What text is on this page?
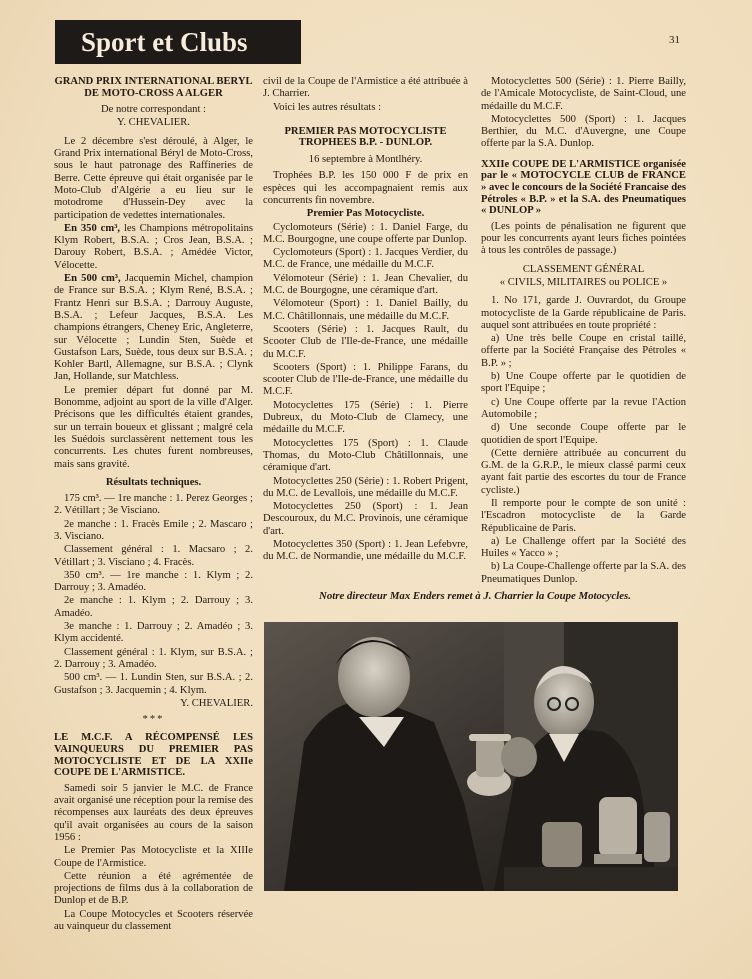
Sport et Clubs	31
GRAND PRIX INTERNATIONAL BERYL DE MOTO-CROSS A ALGER

De notre correspondant :

Y. CHEVALIER.

Le 2 décembre s'est déroulé, à Alger, le Grand Prix international Béryl de Moto-Cross, sous le haut patronage des Raffineries de Berre. Cette épreuve qui était organisée par le Moto-Club d'Algérie a eu lieu sur le motodrome d'Hussein-Dey avec la participation de vedettes internationales.

En 350 cm³, les Champions métropolitains Klym Robert, B.S.A. ; Cros Jean, B.S.A. ; Darouy Robert, B.S.A. ; Amédée Victor, Vélocette.

En 500 cm³, Jacquemin Michel, champion de France sur B.S.A. ; Klym René, B.S.A. ; Frantz Henri sur B.S.A. ; Darrouy Auguste, B.S.A. ; Lefeur Jacques, B.S.A. Les champions étrangers, Cheney Eric, Angleterre, sur Vélocette ; Lundin Sten, Suède et Gustafson Lars, Suède, tous deux sur B.S.A. ; Kohler Bartl, Allemagne, sur B.S.A. ; Clynk Jan, Hollande, sur Matchless.

Le premier départ fut donné par M. Bonomme, adjoint au sport de la ville d'Alger. Précisons que les difficultés étaient grandes, sur un terrain boueux et glissant ; malgré cela les Suédois surclassèrent nettement tous les concurrents. Les chutes furent nombreuses, mais sans gravité.

Résultats techniques.

175 cm³. — 1re manche : 1. Perez Georges ; 2. Vétillart ; 3e Visciano.

2e manche : 1. Fracès Emile ; 2. Mascaro ; 3. Visciano.

Classement général : 1. Macsaro ; 2. Vétillart ; 3. Visciano ; 4. Fracès.

350 cm³. — 1re manche : 1. Klym ; 2. Darrouy ; 3. Amadéo.

2e manche : 1. Klym ; 2. Darrouy ; 3. Amadéo.

3e manche : 1. Darrouy ; 2. Amadéo ; 3. Klym accidenté.

Classement général : 1. Klym, sur B.S.A. ; 2. Darrouy ; 3. Amadéo.

500 cm³. — 1. Lundin Sten, sur B.S.A. ; 2. Gustafson ; 3. Jacquemin ; 4. Klym.

Y. CHEVALIER.

***
LE M.C.F. A RÉCOMPENSÉ LES VAINQUEURS DU PREMIER PAS MOTOCYCLISTE ET DE LA XXIIe COUPE DE L'ARMISTICE.

Samedi soir 5 janvier le M.C. de France avait organisé une réception pour la remise des récompenses aux lauréats des deux épreuves qu'il avait organisées au cours de la saison 1956 :

Le Premier Pas Motocycliste et la XIIIe Coupe de l'Armistice.

Cette réunion a été agrémentée de projections de films dus à la collaboration de Dunlop et de B.P.

La Coupe Motocycles et Scooters réservée au vainqueur du classement

civil de la Coupe de l'Armistice a été attribuée à J. Charrier.

Voici les autres résultats :

PREMIER PAS MOTOCYCLISTE TROPHEES B.P. - DUNLOP.

16 septembre à Montlhéry.

Trophées B.P. les 150 000 F de prix en espèces qui les accompagnaient remis aux concurrents fin novembre.

Premier Pas Motocycliste.

Cyclomoteurs (Série) : 1. Daniel Farge, du M.C. Bourgogne, une coupe offerte par Dunlop.

Cyclomoteurs (Sport) : 1. Jacques Verdier, du M.C. de France, une médaille du M.C.F.

Vélomoteur (Série) : 1. Jean Chevalier, du M.C. de Bourgogne, une céramique d'art.

Vélomoteur (Sport) : 1. Daniel Bailly, du M.C. Châtillonnais, une médaille du M.C.F.

Scooters (Série) : 1. Jacques Rault, du Scooter Club de l'Ile-de-France, une médaille du M.C.F.

Scooters (Sport) : 1. Philippe Farans, du scooter Club de l'Ile-de-France, une médaille du M.C.F.

Motocyclettes 175 (Série) : 1. Pierre Dubreux, du Moto-Club de Clamecy, une médaille du M.C.F.

Motocyclettes 175 (Sport) : 1. Claude Thomas, du Moto-Club Châtillonnais, une céramique d'art.

Motocyclettes 250 (Série) : 1. Robert Prigent, du M.C. de Levallois, une médaille du M.C.F.

Motocyclettes 250 (Sport) : 1. Jean Descouroux, du M.C. Provinois, une céramique d'art.

Motocyclettes 350 (Sport) : 1. Jean Lefebvre, du M.C. de Normandie, une médaille du M.C.F.

Motocyclettes 500 (Série) : 1. Pierre Bailly, de l'Amicale Motocycliste, de Saint-Cloud, une médaille du M.C.F.

Motocyclettes 500 (Sport) : 1. Jacques Berthier, du M.C. d'Auvergne, une Coupe offerte par la S.A. Dunlop.

XXIIe COUPE DE L'ARMISTICE organisée par le « MOTOCYCLE CLUB de FRANCE » avec le concours de la Société Francaise des Pétroles « B.P. » et la S.A. des Pneumatiques « DUNLOP »

(Les points de pénalisation ne figurent que pour les concurrents ayant leurs fiches pointées à tous les contrôles de passage.)

CLASSEMENT GÉNÉRAL

« CIVILS, MILITAIRES ou POLICE »

1. No 171, garde J. Ouvrardot, du Groupe motocycliste de la Garde républicaine de Paris. auquel sont attribuées en toute propriété :

a) Une très belle Coupe en cristal taillé, offerte par la Société Française des Pétroles « B.P. » ;

b) Une Coupe offerte par le quotidien de sport l'Equipe ;

c) Une Coupe offerte par la revue l'Action Automobile ;

d) Une seconde Coupe offerte par le quotidien de sport l'Equipe.

(Cette dernière attribuée au concurrent du G.M. de la G.R.P., le mieux classé parmi ceux ayant fait partie des escortes du tour de France cycliste.)

Il remporte pour le compte de son unité : l'Escadron motocycliste de la Garde Républicaine de Paris.

a) Le Challenge offert par la Société des Huiles « Yacco » ;

b) La Coupe-Challenge offerte par la S.A. des Pneumatiques Dunlop.

Notre directeur Max Enders remet à J. Charrier la Coupe Motocycles.
